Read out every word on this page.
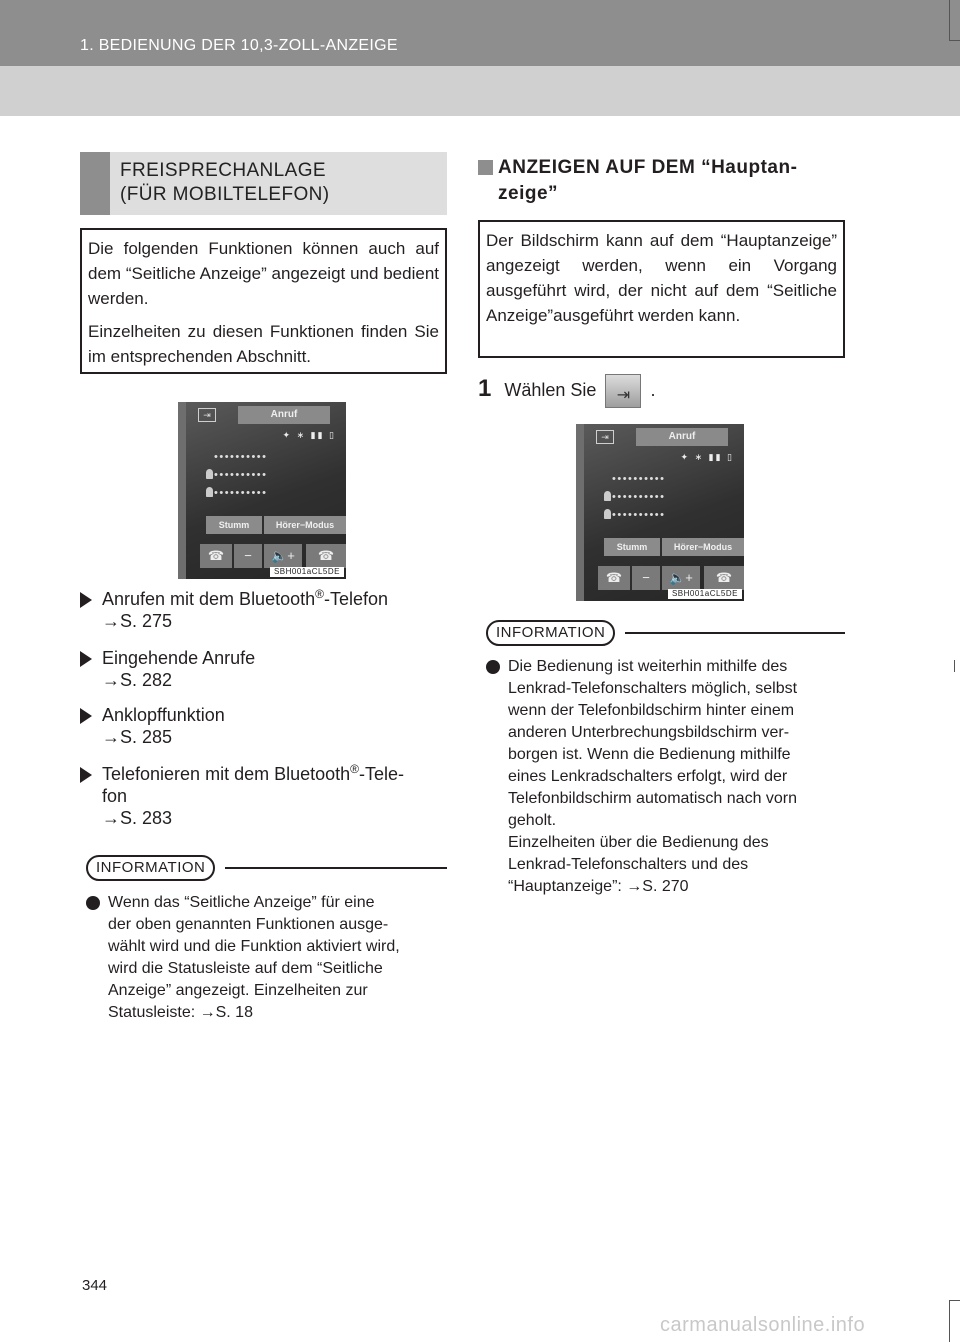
1. BEDIENUNG DER 10,3-ZOLL-ANZEIGE
FREISPRECHANLAGE
(FÜR MOBILTELEFON)

Die folgenden Funktionen können auch auf dem “Seitliche Anzeige” angezeigt und bedient werden.

Einzelheiten zu diesen Funktionen finden Sie im entsprechenden Abschnitt.

⇥	Anruf
✦ ∗ ▮▮ ▯
••••••••••
••••••••••
••••••••••
Stumm	Hörer−Modus
☎	−	🔈+	☎
SBH001aCL5DE
Anrufen mit dem Bluetooth®-Telefon
→S. 275
Eingehende Anrufe
→S. 282
Anklopffunktion
→S. 285
Telefonieren mit dem Bluetooth®-Tele-
fon
→S. 283
INFORMATION
Wenn das “Seitliche Anzeige” für eine
der oben genannten Funktionen ausge-
wählt wird und die Funktion aktiviert wird,
wird die Statusleiste auf dem “Seitliche
Anzeige” angezeigt. Einzelheiten zur
Statusleiste: →S. 18
ANZEIGEN AUF DEM “Hauptan-
zeige”

Der Bildschirm kann auf dem “Hauptanzeige” angezeigt werden, wenn ein Vorgang ausgeführt wird, der nicht auf dem “Seitliche Anzeige”ausgeführt werden kann.

1 Wählen Sie ⇥	.
⇥	Anruf
✦ ∗ ▮▮ ▯
••••••••••
••••••••••
••••••••••
Stumm	Hörer−Modus
☎	−	🔈+	☎
SBH001aCL5DE
INFORMATION
Die Bedienung ist weiterhin mithilfe des
Lenkrad-Telefonschalters möglich, selbst
wenn der Telefonbildschirm hinter einem
anderen Unterbrechungsbildschirm ver-
borgen ist. Wenn die Bedienung mithilfe
eines Lenkradschalters erfolgt, wird der
Telefonbildschirm automatisch nach vorn
geholt.
Einzelheiten über die Bedienung des
Lenkrad-Telefonschalters und des
“Hauptanzeige”: →S. 270
344
carmanualsonline.info
